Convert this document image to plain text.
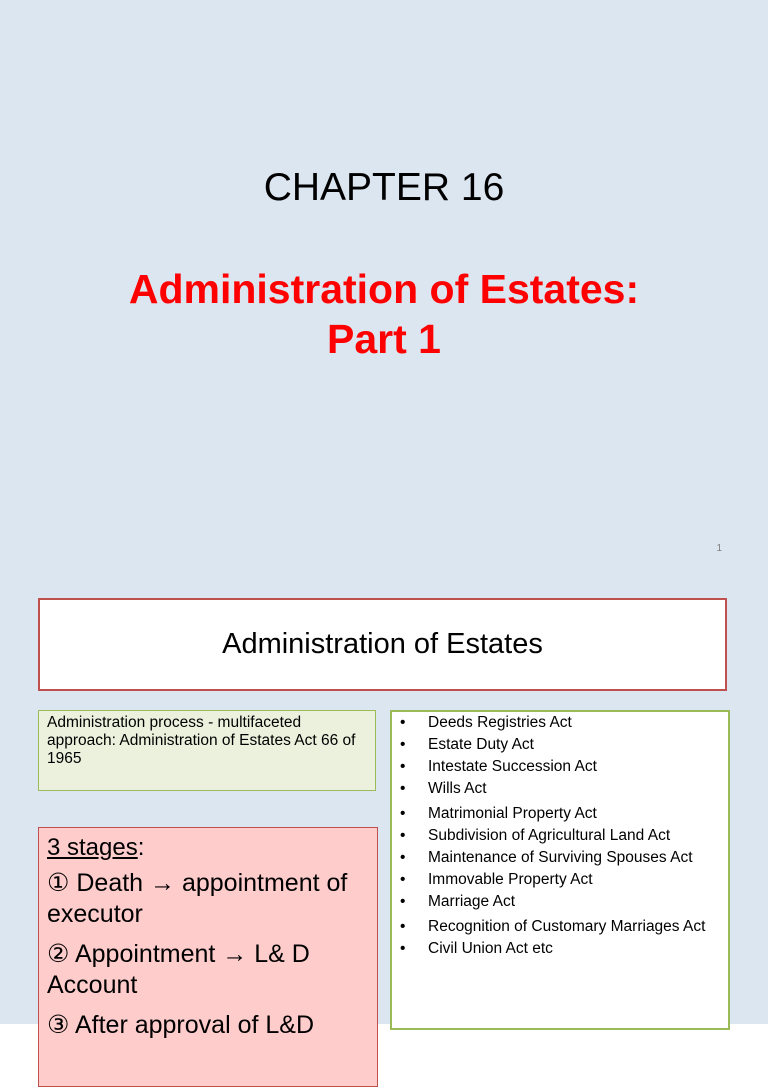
CHAPTER 16
Administration of Estates:
Part 1
1
Administration of Estates
Administration process - multifaceted approach: Administration of Estates Act 66 of 1965
3 stages:
① Death → appointment of executor
② Appointment → L& D Account
③ After approval of L&D
• Deeds Registries Act
• Estate Duty Act
• Intestate Succession Act
• Wills Act
• Matrimonial Property Act
• Subdivision of Agricultural Land Act
• Maintenance of Surviving Spouses Act
• Immovable Property Act
• Marriage Act
• Recognition of Customary Marriages Act
• Civil Union Act etc
